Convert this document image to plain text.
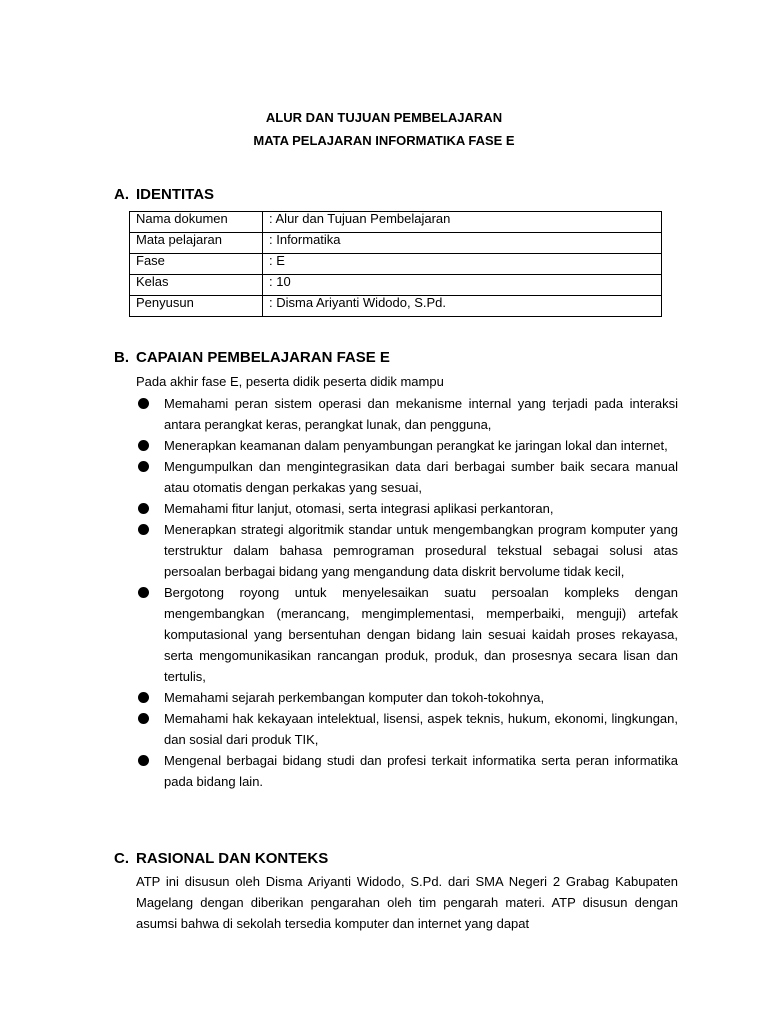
ALUR DAN TUJUAN PEMBELAJARAN
MATA PELAJARAN INFORMATIKA FASE E
A. IDENTITAS
Nama dokumen	: Alur dan Tujuan Pembelajaran
Mata pelajaran	: Informatika
Fase	: E
Kelas	: 10
Penyusun	: Disma Ariyanti Widodo, S.Pd.
B. CAPAIAN PEMBELAJARAN FASE E
Pada akhir fase E, peserta didik peserta didik mampu
Memahami peran sistem operasi dan mekanisme internal yang terjadi pada interaksi antara perangkat keras, perangkat lunak, dan pengguna,
Menerapkan keamanan dalam penyambungan perangkat ke jaringan lokal dan internet,
Mengumpulkan dan mengintegrasikan data dari berbagai sumber baik secara manual atau otomatis dengan perkakas yang sesuai,
Memahami fitur lanjut, otomasi, serta integrasi aplikasi perkantoran,
Menerapkan strategi algoritmik standar untuk mengembangkan program komputer yang terstruktur dalam bahasa pemrograman prosedural tekstual sebagai solusi atas persoalan berbagai bidang yang mengandung data diskrit bervolume tidak kecil,
Bergotong royong untuk menyelesaikan suatu persoalan kompleks dengan mengembangkan (merancang, mengimplementasi, memperbaiki, menguji) artefak komputasional yang bersentuhan dengan bidang lain sesuai kaidah proses rekayasa, serta mengomunikasikan rancangan produk, produk, dan prosesnya secara lisan dan tertulis,
Memahami sejarah perkembangan komputer dan tokoh-tokohnya,
Memahami hak kekayaan intelektual, lisensi, aspek teknis, hukum, ekonomi, lingkungan, dan sosial dari produk TIK,
Mengenal berbagai bidang studi dan profesi terkait informatika serta peran informatika pada bidang lain.
C. RASIONAL DAN KONTEKS
ATP ini disusun oleh Disma Ariyanti Widodo, S.Pd. dari SMA Negeri 2 Grabag Kabupaten Magelang dengan diberikan pengarahan oleh tim pengarah materi. ATP disusun dengan asumsi bahwa di sekolah tersedia komputer dan internet yang dapat
